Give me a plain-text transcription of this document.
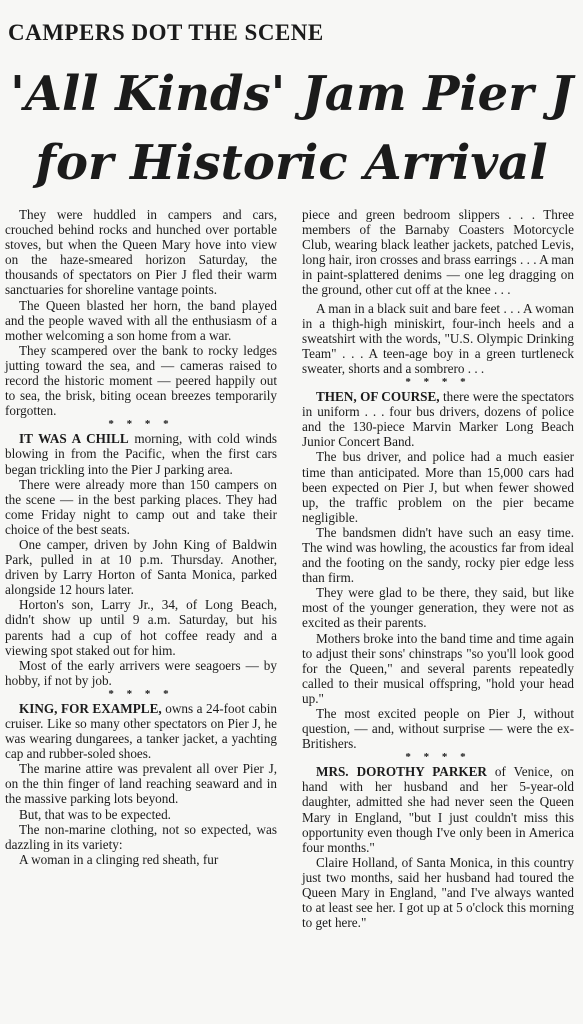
CAMPERS DOT THE SCENE
'All Kinds' Jam Pier J
for Historic Arrival

They were huddled in campers and cars, crouched behind rocks and hunched over portable stoves, but when the Queen Mary hove into view on the haze-smeared horizon Saturday, the thousands of spectators on Pier J fled their warm sanctuaries for shoreline vantage points.

The Queen blasted her horn, the band played and the people waved with all the enthusiasm of a mother welcoming a son home from a war.

They scampered over the bank to rocky ledges jutting toward the sea, and — cameras raised to record the historic moment — peered happily out to sea, the brisk, biting ocean breezes temporarily forgotten.

* * * *

IT WAS A CHILL morning, with cold winds blowing in from the Pacific, when the first cars began trickling into the Pier J parking area.

There were already more than 150 campers on the scene — in the best parking places. They had come Friday night to camp out and take their choice of the best seats.

One camper, driven by John King of Baldwin Park, pulled in at 10 p.m. Thursday. Another, driven by Larry Horton of Santa Monica, parked alongside 12 hours later.

Horton's son, Larry Jr., 34, of Long Beach, didn't show up until 9 a.m. Saturday, but his parents had a cup of hot coffee ready and a viewing spot staked out for him.

Most of the early arrivers were seagoers — by hobby, if not by job.

* * * *

KING, FOR EXAMPLE, owns a 24-foot cabin cruiser. Like so many other spectators on Pier J, he was wearing dungarees, a tanker jacket, a yachting cap and rubber-soled shoes.

The marine attire was prevalent all over Pier J, on the thin finger of land reaching seaward and in the massive parking lots beyond.

But, that was to be expected.

The non-marine clothing, not so expected, was dazzling in its variety:

A woman in a clinging red sheath, fur

piece and green bedroom slippers . . . Three members of the Barnaby Coasters Motorcycle Club, wearing black leather jackets, patched Levis, long hair, iron crosses and brass earrings . . . A man in paint-splattered denims — one leg dragging on the ground, other cut off at the knee . . .

A man in a black suit and bare feet . . . A woman in a thigh-high miniskirt, four-inch heels and a sweatshirt with the words, "U.S. Olympic Drinking Team" . . . A teen-age boy in a green turtleneck sweater, shorts and a sombrero . . .

* * * *

THEN, OF COURSE, there were the spectators in uniform . . . four bus drivers, dozens of police and the 130-piece Marvin Marker Long Beach Junior Concert Band.

The bus driver, and police had a much easier time than anticipated. More than 15,000 cars had been expected on Pier J, but when fewer showed up, the traffic problem on the pier became negligible.

The bandsmen didn't have such an easy time. The wind was howling, the acoustics far from ideal and the footing on the sandy, rocky pier edge less than firm.

They were glad to be there, they said, but like most of the younger generation, they were not as excited as their parents.

Mothers broke into the band time and time again to adjust their sons' chinstraps "so you'll look good for the Queen," and several parents repeatedly called to their musical offspring, "hold your head up."

The most excited people on Pier J, without question, — and, without surprise — were the ex-Britishers.

* * * *

MRS. DOROTHY PARKER of Venice, on hand with her husband and her 5-year-old daughter, admitted she had never seen the Queen Mary in England, "but I just couldn't miss this opportunity even though I've only been in America four months."

Claire Holland, of Santa Monica, in this country just two months, said her husband had toured the Queen Mary in England, "and I've always wanted to at least see her. I got up at 5 o'clock this morning to get here."
